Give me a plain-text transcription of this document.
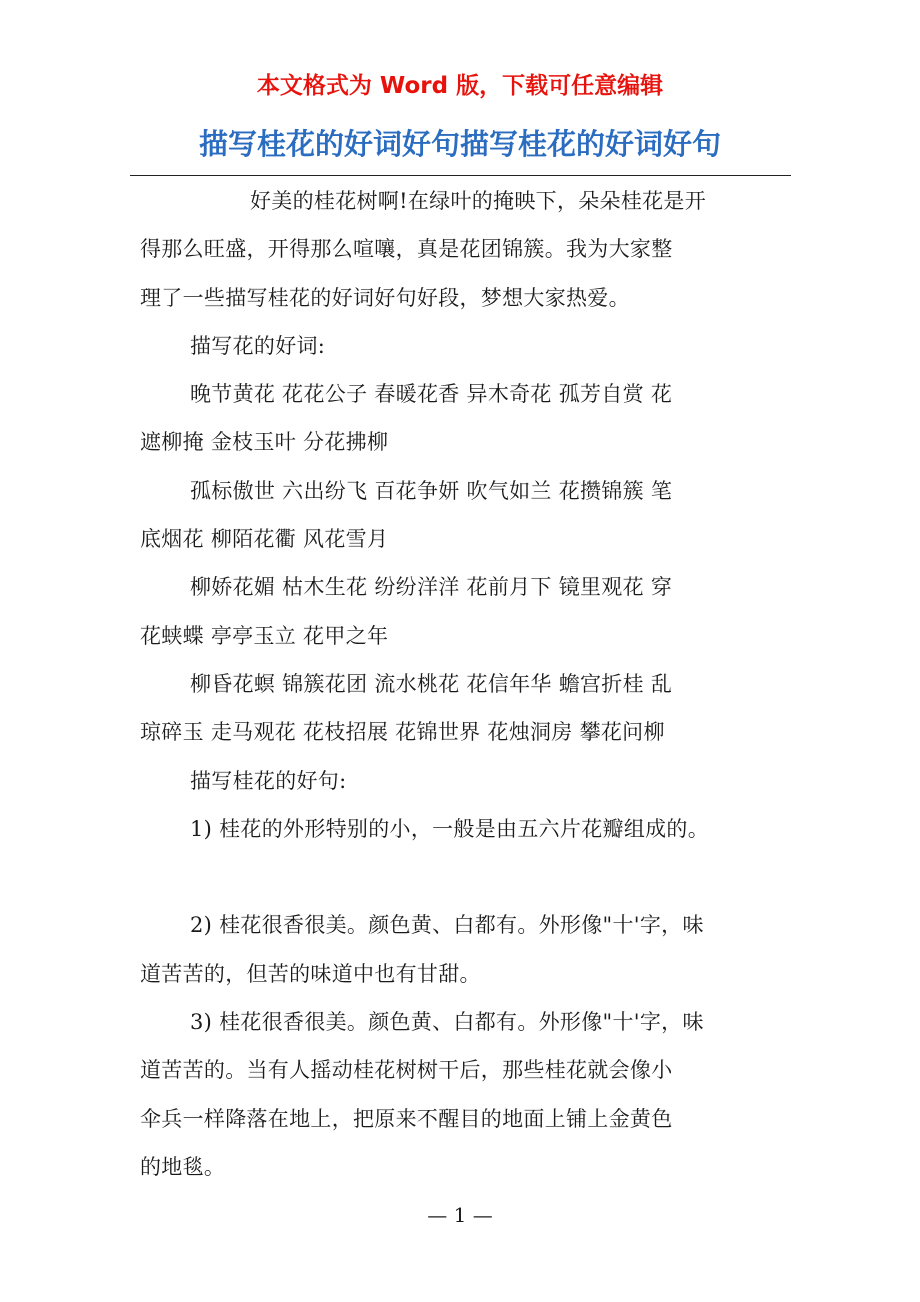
本文格式为 Word 版，下载可任意编辑
描写桂花的好词好句描写桂花的好词好句
好美的桂花树啊!在绿叶的掩映下，朵朵桂花是开
得那么旺盛，开得那么喧嚷，真是花团锦簇。我为大家整
理了一些描写桂花的好词好句好段，梦想大家热爱。
描写花的好词:
晚节黄花 花花公子 春暖花香 异木奇花 孤芳自赏 花
遮柳掩 金枝玉叶 分花拂柳
孤标傲世 六出纷飞 百花争妍 吹气如兰 花攒锦簇 笔
底烟花 柳陌花衢 风花雪月
柳娇花媚 枯木生花 纷纷洋洋 花前月下 镜里观花 穿
花蛱蝶 亭亭玉立 花甲之年
柳昏花螟 锦簇花团 流水桃花 花信年华 蟾宫折桂 乱
琼碎玉 走马观花 花枝招展 花锦世界 花烛洞房 攀花问柳
描写桂花的好句:
1) 桂花的外形特别的小，一般是由五六片花瓣组成的。
2) 桂花很香很美。颜色黄、白都有。外形像"十'字，味
道苦苦的，但苦的味道中也有甘甜。
3) 桂花很香很美。颜色黄、白都有。外形像"十'字，味
道苦苦的。当有人摇动桂花树树干后，那些桂花就会像小
伞兵一样降落在地上，把原来不醒目的地面上铺上金黄色
的地毯。
— 1 —
